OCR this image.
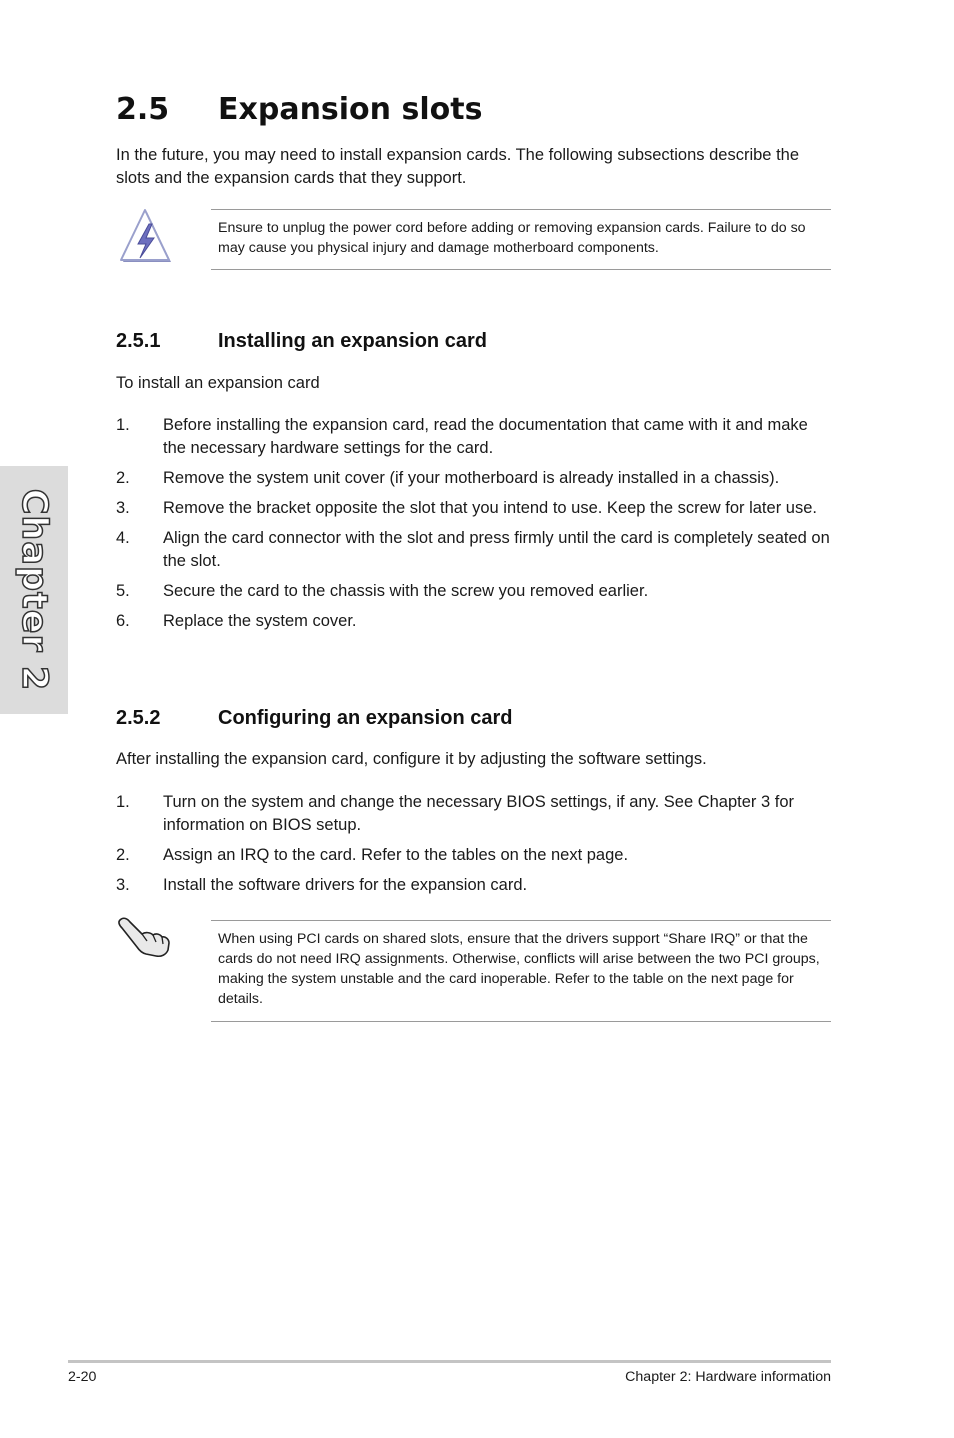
Chapter 2
2.5 Expansion slots

In the future, you may need to install expansion cards. The following subsections describe the slots and the expansion cards that they support.

Ensure to unplug the power cord before adding or removing expansion cards. Failure to do so may cause you physical injury and damage motherboard components.

2.5.1	Installing an expansion card

To install an expansion card

1.	Before installing the expansion card, read the documentation that came with it and make the necessary hardware settings for the card.
2.	Remove the system unit cover (if your motherboard is already installed in a chassis).
3.	Remove the bracket opposite the slot that you intend to use. Keep the screw for later use.
4.	Align the card connector with the slot and press firmly until the card is completely seated on the slot.
5.	Secure the card to the chassis with the screw you removed earlier.
6.	Replace the system cover.
2.5.2	Configuring an expansion card

After installing the expansion card, configure it by adjusting the software settings.

1.	Turn on the system and change the necessary BIOS settings, if any. See Chapter 3 for information on BIOS setup.
2.	Assign an IRQ to the card. Refer to the tables on the next page.
3.	Install the software drivers for the expansion card.

When using PCI cards on shared slots, ensure that the drivers support “Share IRQ” or that the cards do not need IRQ assignments. Otherwise, conflicts will arise between the two PCI groups, making the system unstable and the card inoperable. Refer to the table on the next page for details.

2-20	Chapter 2: Hardware information
